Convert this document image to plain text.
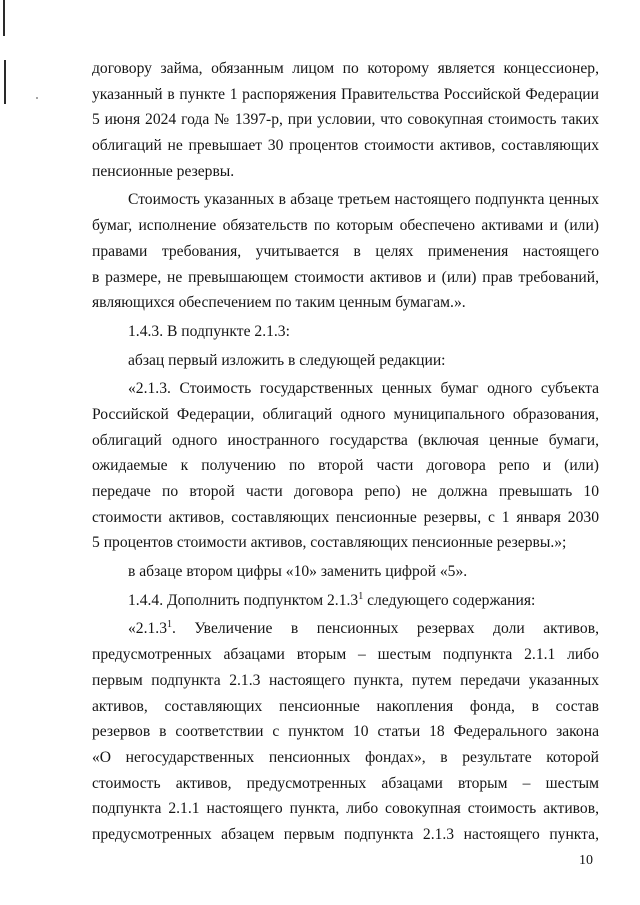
договору займа, обязанным лицом по которому является концессионер,
указанный в пункте 1 распоряжения Правительства Российской Федерации
5 июня 2024 года № 1397-р, при условии, что совокупная стоимость таких
облигаций не превышает 30 процентов стоимости активов, составляющих
пенсионные резервы.
Стоимость указанных в абзаце третьем настоящего подпункта ценных
бумаг, исполнение обязательств по которым обеспечено активами и (или)
правами требования, учитывается в целях применения настоящего
в размере, не превышающем стоимости активов и (или) прав требований,
являющихся обеспечением по таким ценным бумагам.».
1.4.3. В подпункте 2.1.3:
абзац первый изложить в следующей редакции:
«2.1.3. Стоимость государственных ценных бумаг одного субъекта
Российской Федерации, облигаций одного муниципального образования,
облигаций одного иностранного государства (включая ценные бумаги,
ожидаемые к получению по второй части договора репо и (или)
передаче по второй части договора репо) не должна превышать 10
стоимости активов, составляющих пенсионные резервы, с 1 января 2030
5 процентов стоимости активов, составляющих пенсионные резервы.»;
в абзаце втором цифры «10» заменить цифрой «5».
1.4.4. Дополнить подпунктом 2.1.3$^1$ следующего содержания:
«2.1.3$^1$. Увеличение в пенсионных резервах доли активов,
предусмотренных абзацами вторым – шестым подпункта 2.1.1 либо
первым подпункта 2.1.3 настоящего пункта, путем передачи указанных
активов, составляющих пенсионные накопления фонда, в состав
резервов в соответствии с пунктом 10 статьи 18 Федерального закона
«О негосударственных пенсионных фондах», в результате которой
стоимость активов, предусмотренных абзацами вторым – шестым
подпункта 2.1.1 настоящего пункта, либо совокупная стоимость активов,
предусмотренных абзацем первым подпункта 2.1.3 настоящего пункта,
10
